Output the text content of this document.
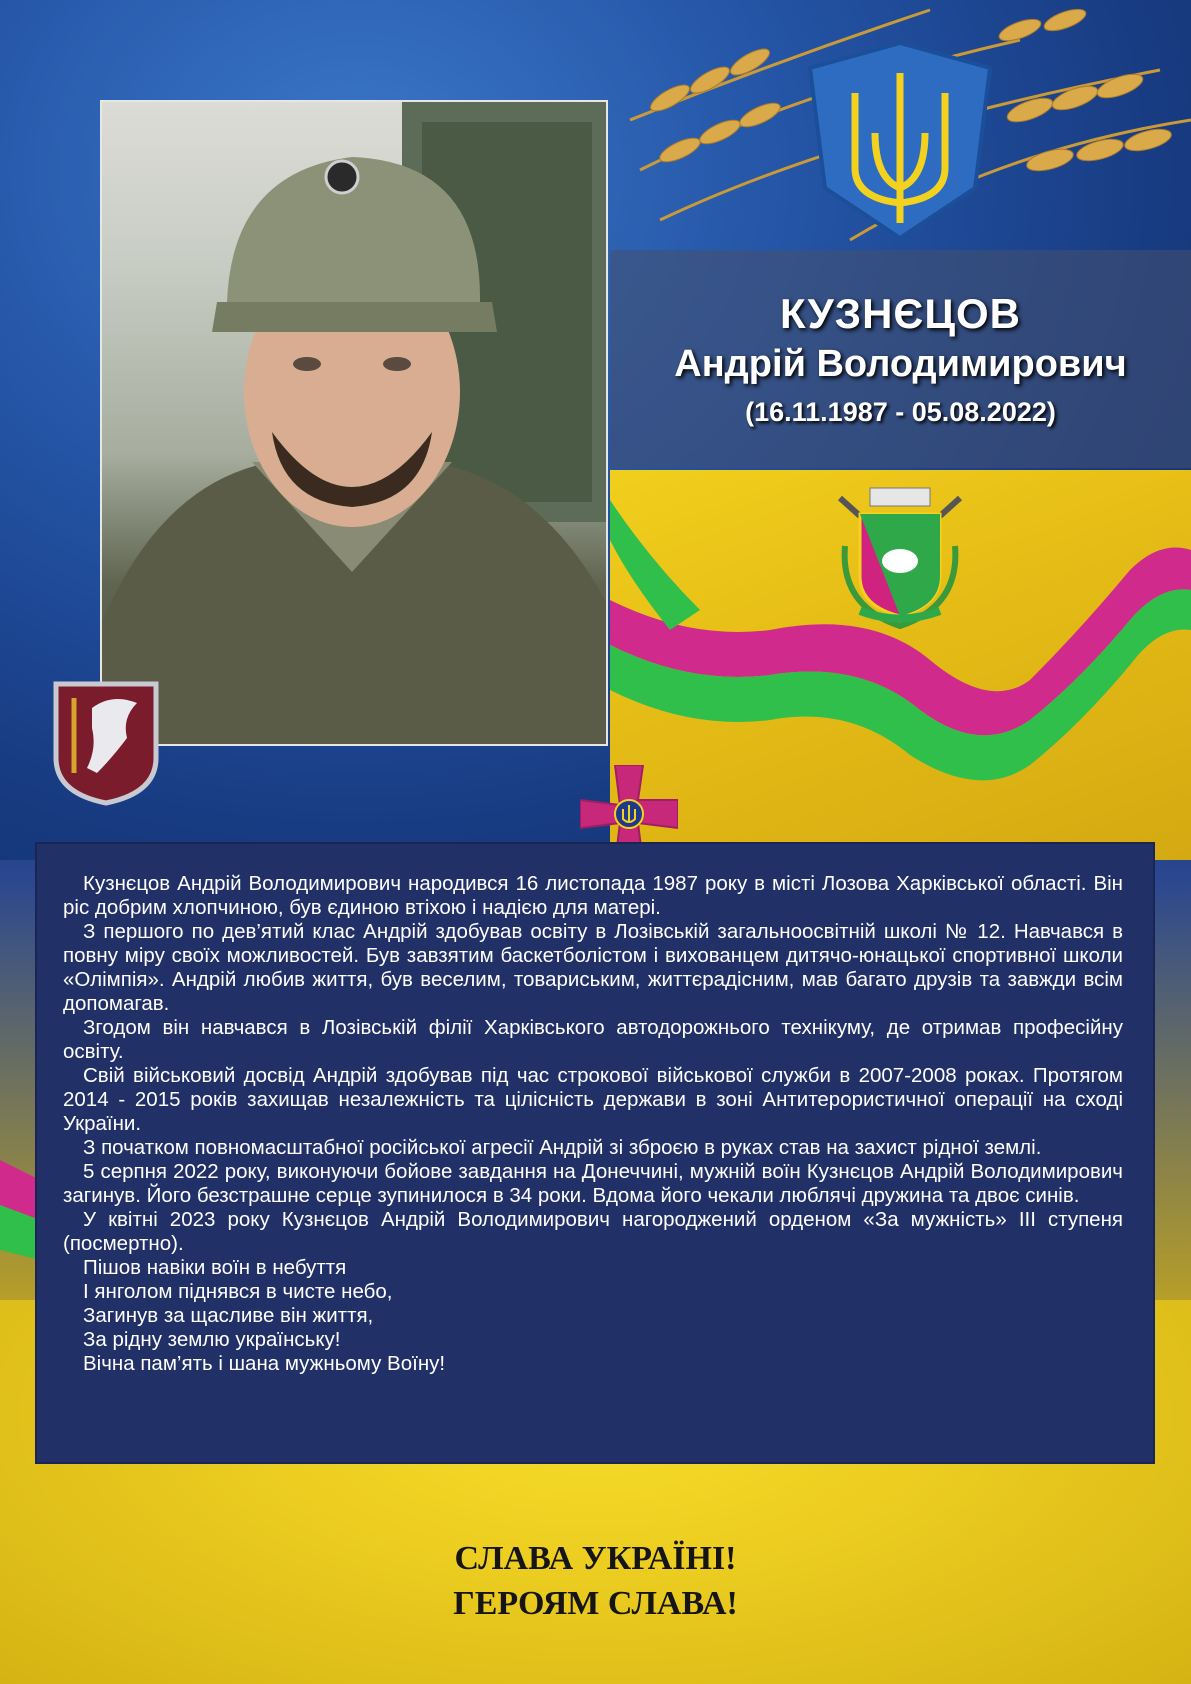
КУЗНЄЦОВ
Андрій Володимирович
(16.11.1987 - 05.08.2022)

Кузнєцов Андрій Володимирович народився 16 листопада 1987 року в місті Лозова Харківської області. Він ріс добрим хлопчиною, був єдиною втіхою і надією для матері.

З першого по дев’ятий клас Андрій здобував освіту в Лозівській загальноосвітній школі № 12. Навчався в повну міру своїх можливостей. Був завзятим баскетболістом і вихованцем дитячо-юнацької спортивної школи «Олімпія». Андрій любив життя, був веселим, товариським, життєрадісним, мав багато друзів та завжди всім допомагав.

Згодом він навчався в Лозівській філії Харківського автодорожнього технікуму, де отримав професійну освіту.

Свій військовий досвід Андрій здобував під час строкової військової служби в 2007-2008 роках. Протягом 2014 - 2015 років захищав незалежність та цілісність держави в зоні Антитерористичної операції на сході України.

З початком повномасштабної російської агресії Андрій зі зброєю в руках став на захист рідної землі.

5 серпня 2022 року, виконуючи бойове завдання на Донеччині, мужній воїн Кузнєцов Андрій Володимирович загинув. Його безстрашне серце зупинилося в 34 роки. Вдома його чекали люблячі дружина та двоє синів.

У квітні 2023 року Кузнєцов Андрій Володимирович нагороджений орденом «За мужність» ІІІ ступеня (посмертно).

Пішов навіки воїн в небуття

І янголом піднявся в чисте небо,

Загинув за щасливе він життя,

За рідну землю українську!

Вічна пам’ять і шана мужньому Воїну!

СЛАВА УКРАЇНІ!
ГЕРОЯМ СЛАВА!
